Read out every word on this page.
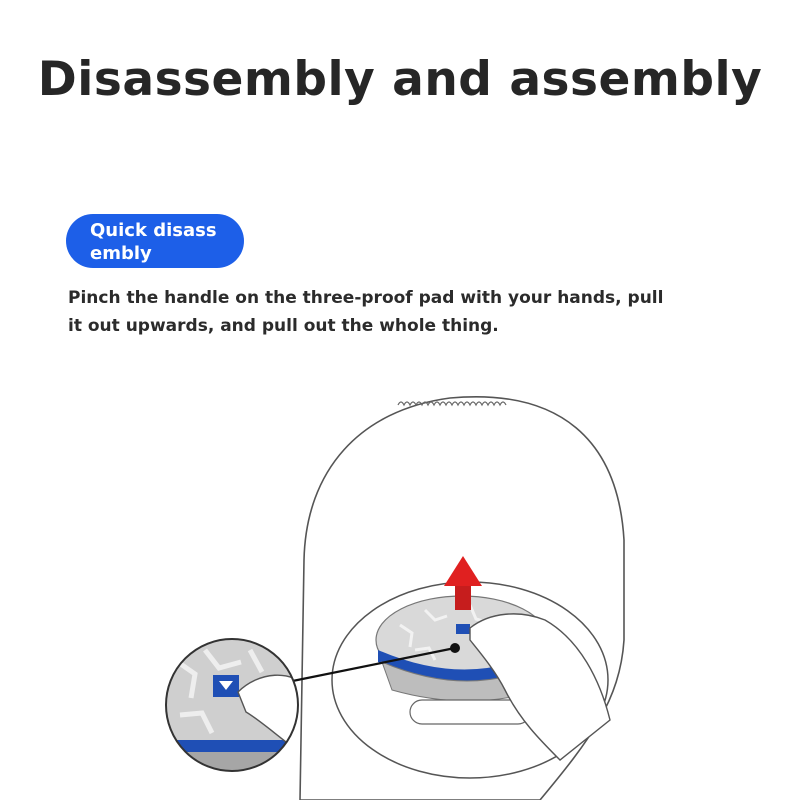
Disassembly and assembly
Quick disass
embly
Pinch the handle on the three-proof pad with your hands, pull
it out upwards, and pull out the whole thing.
